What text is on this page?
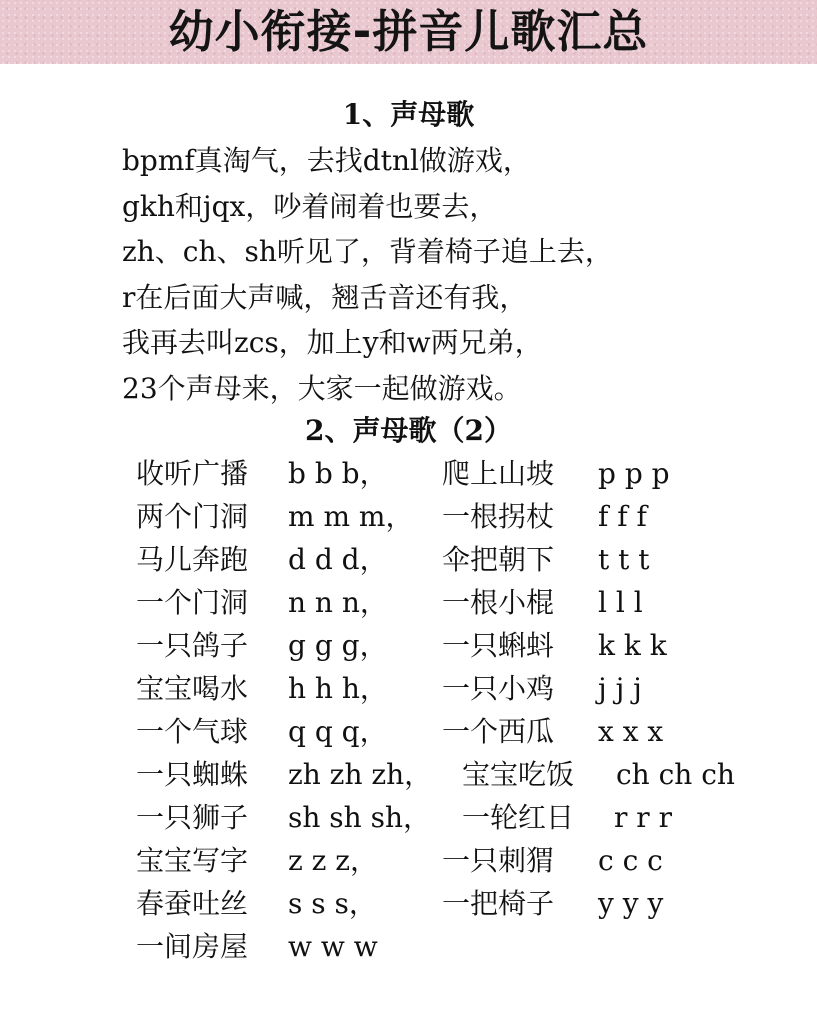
幼小衔接-拼音儿歌汇总
1、声母歌
bpmf真淘气，去找dtnl做游戏，
gkh和jqx，吵着闹着也要去，
zh、ch、sh听见了，背着椅子追上去，
r在后面大声喊，翘舌音还有我，
我再去叫zcs，加上y和w两兄弟，
23个声母来，大家一起做游戏。
2、声母歌（2）
收听广播 b b b， 爬上山坡 p p p
两个门洞 m m m， 一根拐杖 f f f
马儿奔跑 d d d， 伞把朝下 t t t
一个门洞 n n n， 一根小棍 l l l
一只鸽子 g g g， 一只蝌蚪 k k k
宝宝喝水 h h h， 一只小鸡 j j j
一个气球 q q q， 一个西瓜 x x x
一只蜘蛛 zh zh zh， 宝宝吃饭 ch ch ch
一只狮子 sh sh sh， 一轮红日 r r r
宝宝写字 z z z， 一只刺猬 c c c
春蚕吐丝 s s s， 一把椅子 y y y
一间房屋 w w w
